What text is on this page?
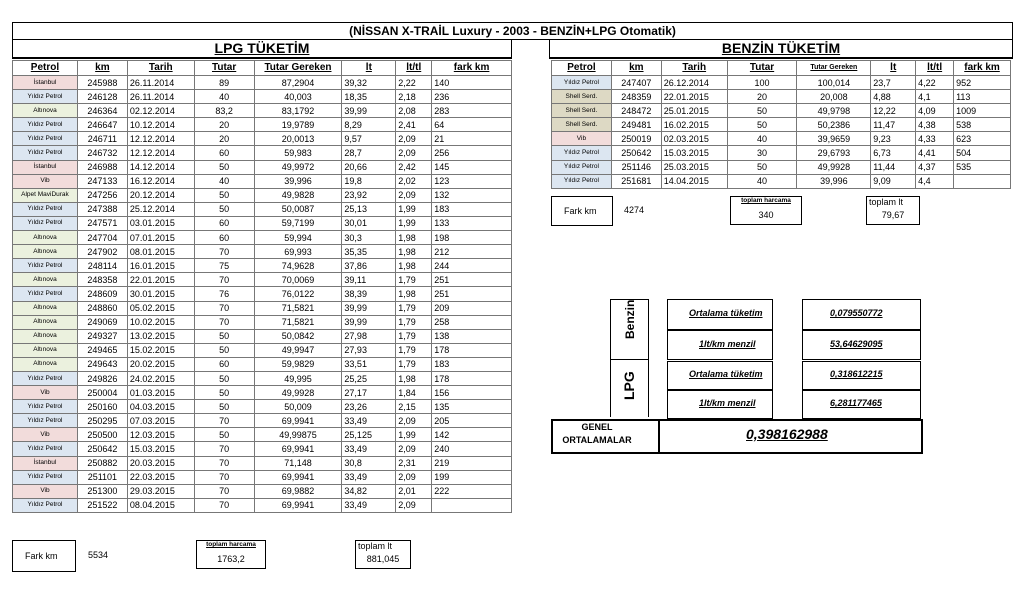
(NİSSAN X-TRAİL Luxury - 2003 - BENZİN+LPG Otomatik)
LPG TÜKETİM	BENZİN TÜKETİM
Petrol	km	Tarih	Tutar	Tutar Gereken	lt	lt/tl	fark km
İstanbul	245988	26.11.2014	89	87,2904	39,32	2,22	140
Yıldız Petrol	246128	26.11.2014	40	40,003	18,35	2,18	236
Altınova	246364	02.12.2014	83,2	83,1792	39,99	2,08	283
Yıldız Petrol	246647	10.12.2014	20	19,9789	8,29	2,41	64
Yıldız Petrol	246711	12.12.2014	20	20,0013	9,57	2,09	21
Yıldız Petrol	246732	12.12.2014	60	59,983	28,7	2,09	256
İstanbul	246988	14.12.2014	50	49,9972	20,66	2,42	145
Vib	247133	16.12.2014	40	39,996	19,8	2,02	123
Alpet MaviDurak	247256	20.12.2014	50	49,9828	23,92	2,09	132
Yıldız Petrol	247388	25.12.2014	50	50,0087	25,13	1,99	183
Yıldız Petrol	247571	03.01.2015	60	59,7199	30,01	1,99	133
Altınova	247704	07.01.2015	60	59,994	30,3	1,98	198
Altınova	247902	08.01.2015	70	69,993	35,35	1,98	212
Yıldız Petrol	248114	16.01.2015	75	74,9628	37,86	1,98	244
Altınova	248358	22.01.2015	70	70,0069	39,11	1,79	251
Yıldız Petrol	248609	30.01.2015	76	76,0122	38,39	1,98	251
Altınova	248860	05.02.2015	70	71,5821	39,99	1,79	209
Altınova	249069	10.02.2015	70	71,5821	39,99	1,79	258
Altınova	249327	13.02.2015	50	50,0842	27,98	1,79	138
Altınova	249465	15.02.2015	50	49,9947	27,93	1,79	178
Altınova	249643	20.02.2015	60	59,9829	33,51	1,79	183
Yıldız Petrol	249826	24.02.2015	50	49,995	25,25	1,98	178
Vib	250004	01.03.2015	50	49,9928	27,17	1,84	156
Yıldız Petrol	250160	04.03.2015	50	50,009	23,26	2,15	135
Yıldız Petrol	250295	07.03.2015	70	69,9941	33,49	2,09	205
Vib	250500	12.03.2015	50	49,99875	25,125	1,99	142
Yıldız Petrol	250642	15.03.2015	70	69,9941	33,49	2,09	240
İstanbul	250882	20.03.2015	70	71,148	30,8	2,31	219
Yıldız Petrol	251101	22.03.2015	70	69,9941	33,49	2,09	199
Vib	251300	29.03.2015	70	69,9882	34,82	2,01	222
Yıldız Petrol	251522	08.04.2015	70	69,9941	33,49	2,09	
Fark km	5534
toplam harcama
1763,2
toplam lt
881,045
Petrol	km	Tarih	Tutar	Tutar Gereken	lt	lt/tl	fark km
Yıldız Petrol	247407	26.12.2014	100	100,014	23,7	4,22	952
Shell Serd.	248359	22.01.2015	20	20,008	4,88	4,1	113
Shell Serd.	248472	25.01.2015	50	49,9798	12,22	4,09	1009
Shell Serd.	249481	16.02.2015	50	50,2386	11,47	4,38	538
Vib	250019	02.03.2015	40	39,9659	9,23	4,33	623
Yıldız Petrol	250642	15.03.2015	30	29,6793	6,73	4,41	504
Yıldız Petrol	251146	25.03.2015	50	49,9928	11,44	4,37	535
Yıldız Petrol	251681	14.04.2015	40	39,996	9,09	4,4	
Fark km	4274
toplam harcama
340
toplam lt
79,67
Benzin
LPG
Ortalama tüketim	0,079550772
1lt/km menzil	53,64629095
Ortalama tüketim	0,318612215
1lt/km menzil	6,281177465
GENEL ORTALAMALAR	0,398162988
